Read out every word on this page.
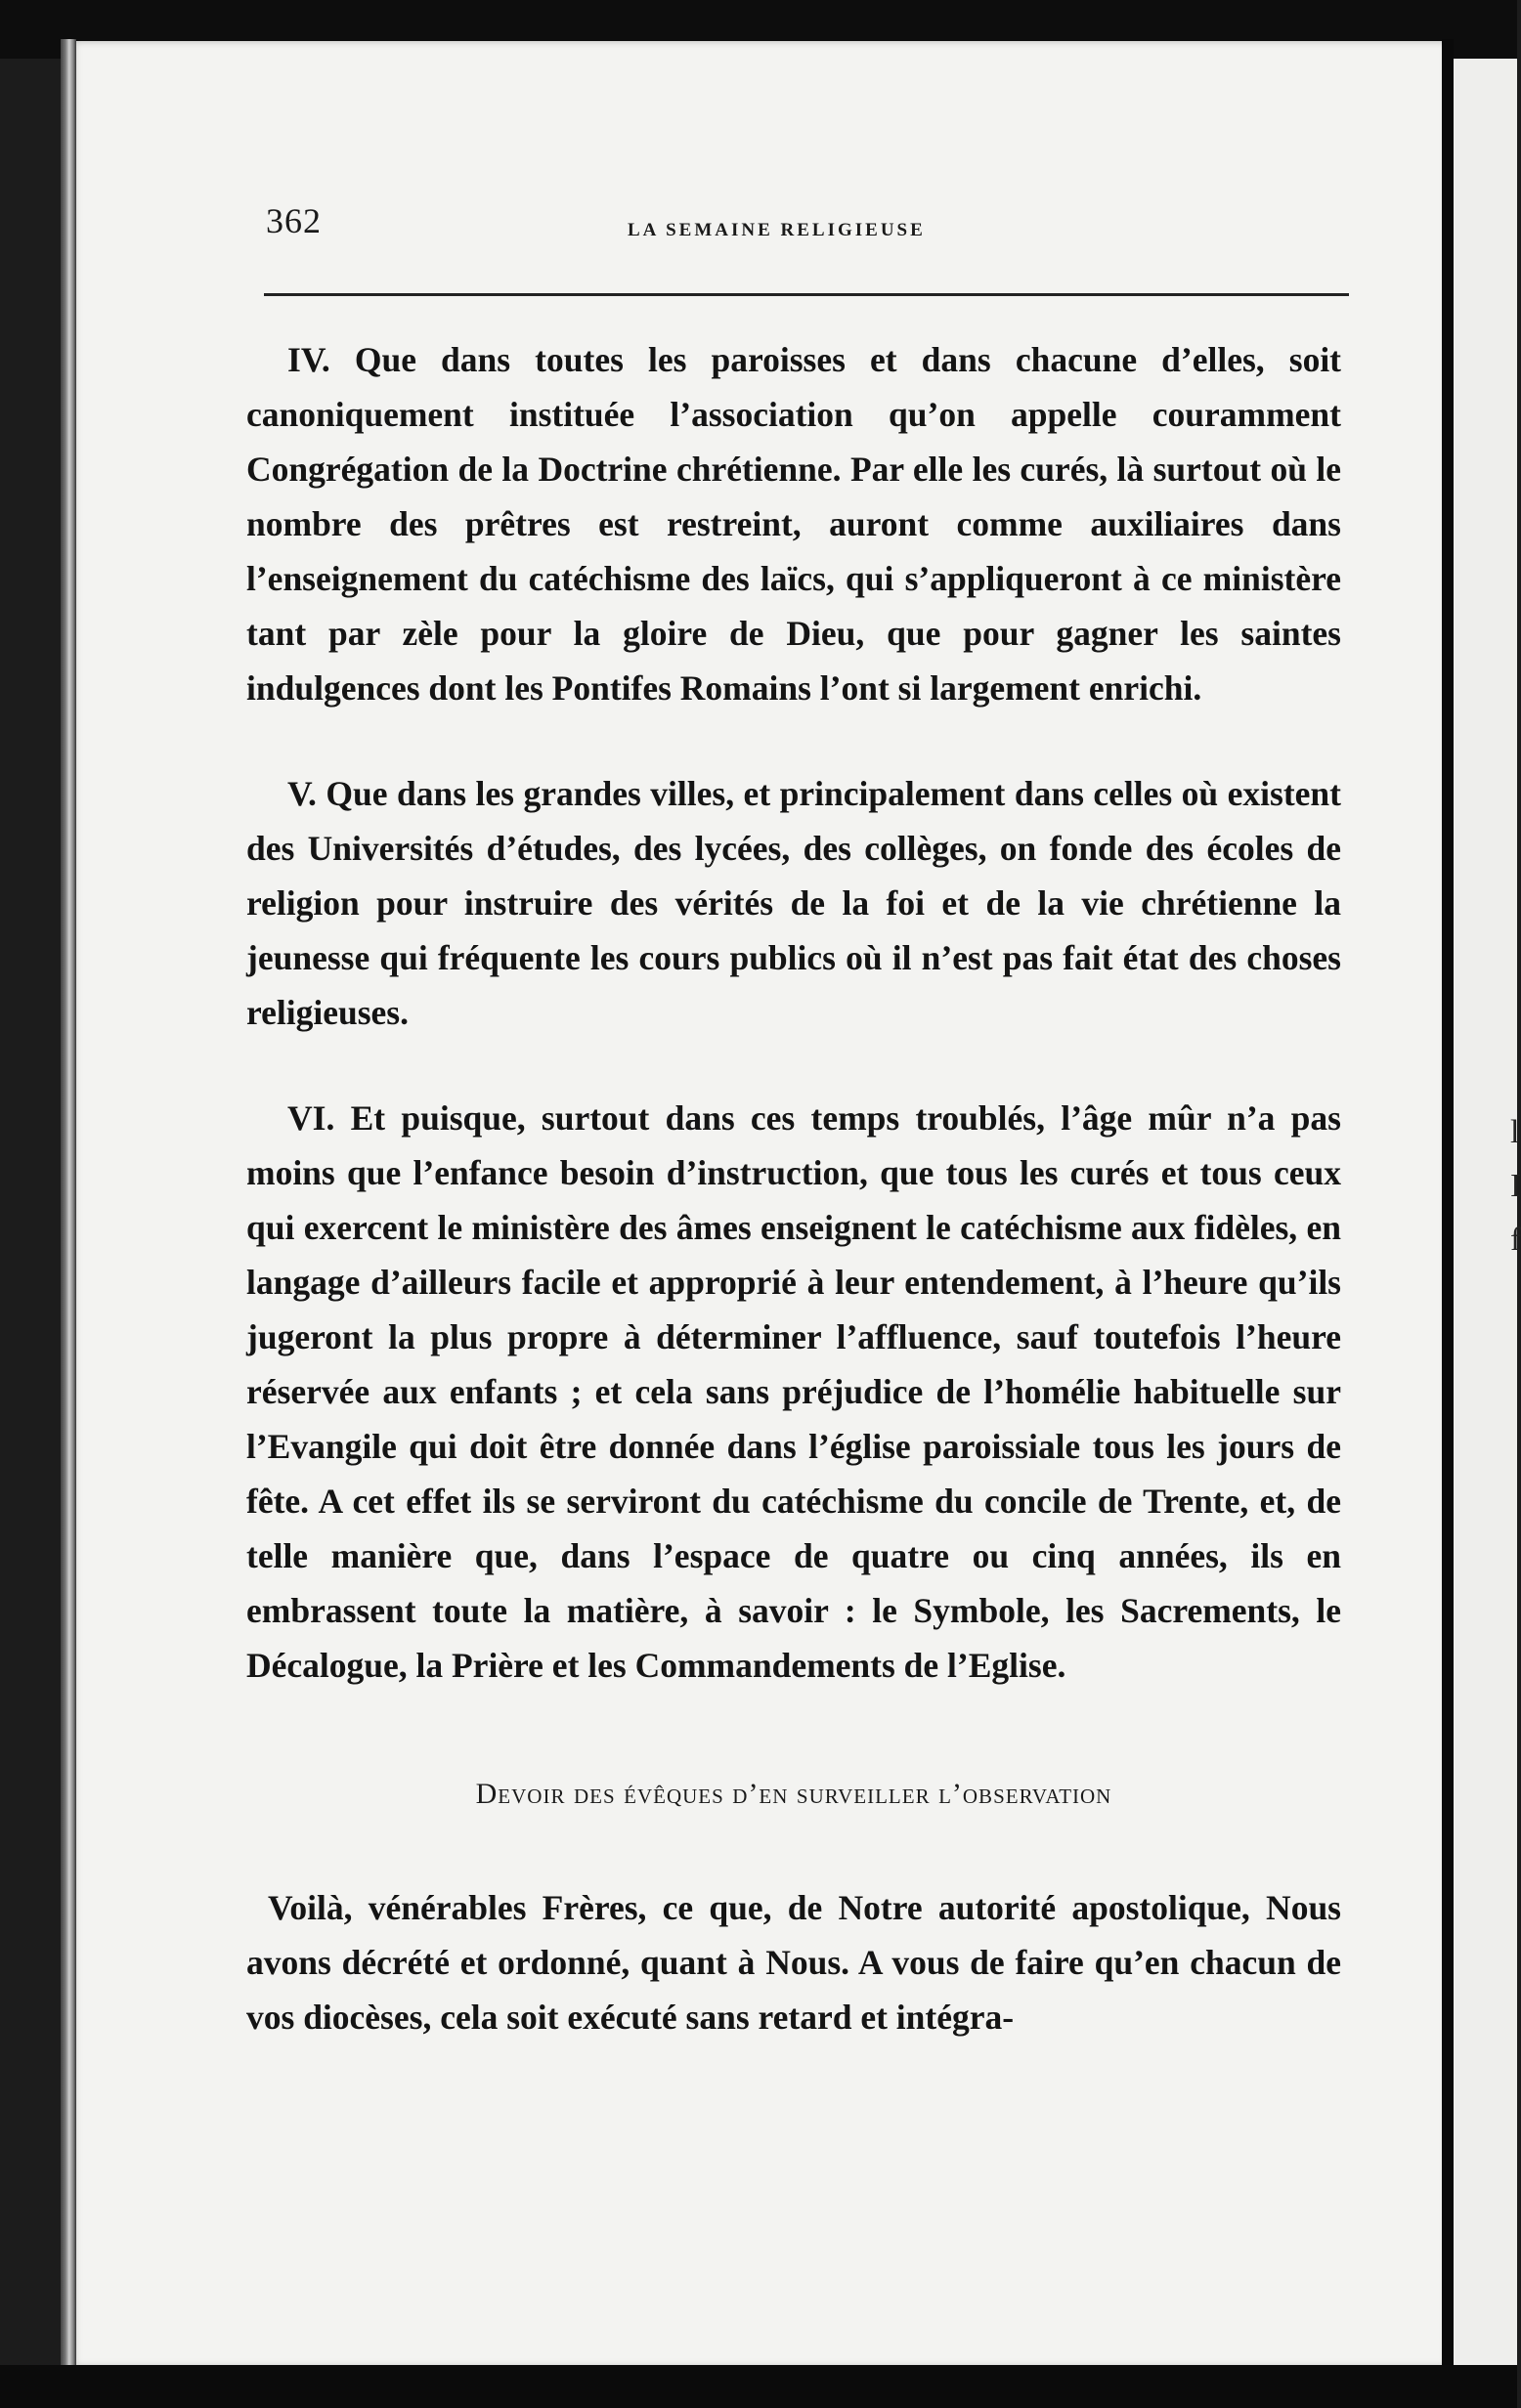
l
I
f
362	LA SEMAINE RELIGIEUSE

IV. Que dans toutes les paroisses et dans chacune d’elles, soit canoniquement instituée l’association qu’on appelle couramment Congrégation de la Doctrine chrétienne. Par elle les curés, là surtout où le nombre des prêtres est restreint, auront comme auxiliaires dans l’enseignement du catéchisme des laïcs, qui s’appliqueront à ce ministère tant par zèle pour la gloire de Dieu, que pour gagner les saintes indulgences dont les Pontifes Romains l’ont si largement enrichi.

V. Que dans les grandes villes, et principalement dans celles où existent des Universités d’études, des lycées, des collèges, on fonde des écoles de religion pour instruire des vérités de la foi et de la vie chrétienne la jeunesse qui fréquente les cours publics où il n’est pas fait état des choses religieuses.

VI. Et puisque, surtout dans ces temps troublés, l’âge mûr n’a pas moins que l’enfance besoin d’instruction, que tous les curés et tous ceux qui exercent le ministère des âmes enseignent le catéchisme aux fidèles, en langage d’ailleurs facile et approprié à leur entendement, à l’heure qu’ils jugeront la plus propre à déterminer l’affluence, sauf toutefois l’heure réservée aux enfants ; et cela sans préjudice de l’homélie habituelle sur l’Evangile qui doit être donnée dans l’église paroissiale tous les jours de fête. A cet effet ils se serviront du catéchisme du concile de Trente, et, de telle manière que, dans l’espace de quatre ou cinq années, ils en embrassent toute la matière, à savoir : le Symbole, les Sacrements, le Décalogue, la Prière et les Commandements de l’Eglise.

Devoir des évêques d’en surveiller l’observation

Voilà, vénérables Frères, ce que, de Notre autorité apostolique, Nous avons décrété et ordonné, quant à Nous. A vous de faire qu’en chacun de vos diocèses, cela soit exécuté sans retard et intégra-
